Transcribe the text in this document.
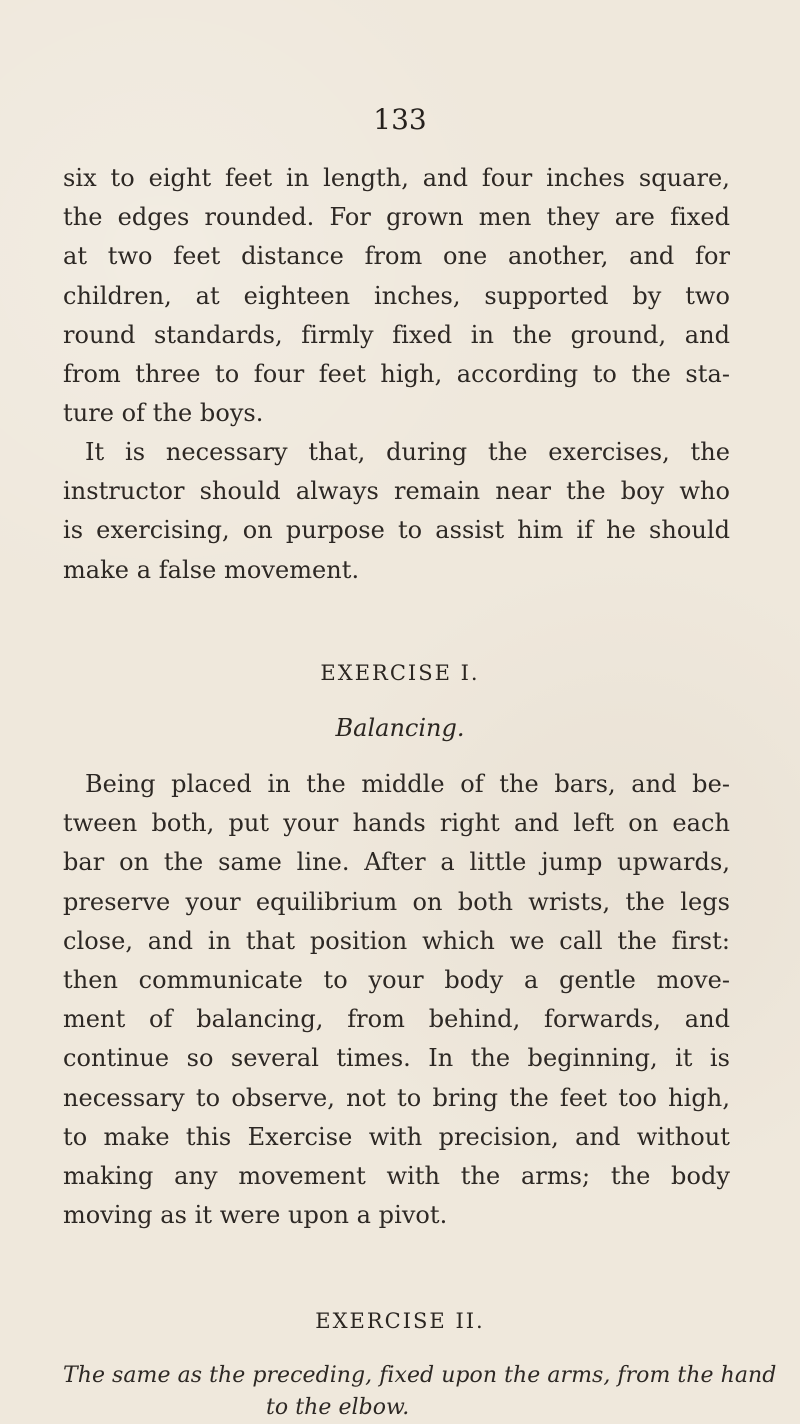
133
six to eight feet in length, and four inches square,
the edges rounded. For grown men they are fixed
at two feet distance from one another, and for
children, at eighteen inches, supported by two
round standards, firmly fixed in the ground, and
from three to four feet high, according to the sta-
ture of the boys.
It is necessary that, during the exercises, the
instructor should always remain near the boy who
is exercising, on purpose to assist him if he should
make a false movement.
EXERCISE I.
Balancing.
Being placed in the middle of the bars, and be-
tween both, put your hands right and left on each
bar on the same line. After a little jump upwards,
preserve your equilibrium on both wrists, the legs
close, and in that position which we call the first:
then communicate to your body a gentle move-
ment of balancing, from behind, forwards, and
continue so several times. In the beginning, it is
necessary to observe, not to bring the feet too high,
to make this Exercise with precision, and without
making any movement with the arms; the body
moving as it were upon a pivot.
EXERCISE II.
The same as the preceding, fixed upon the arms, from the hand
to the elbow.
